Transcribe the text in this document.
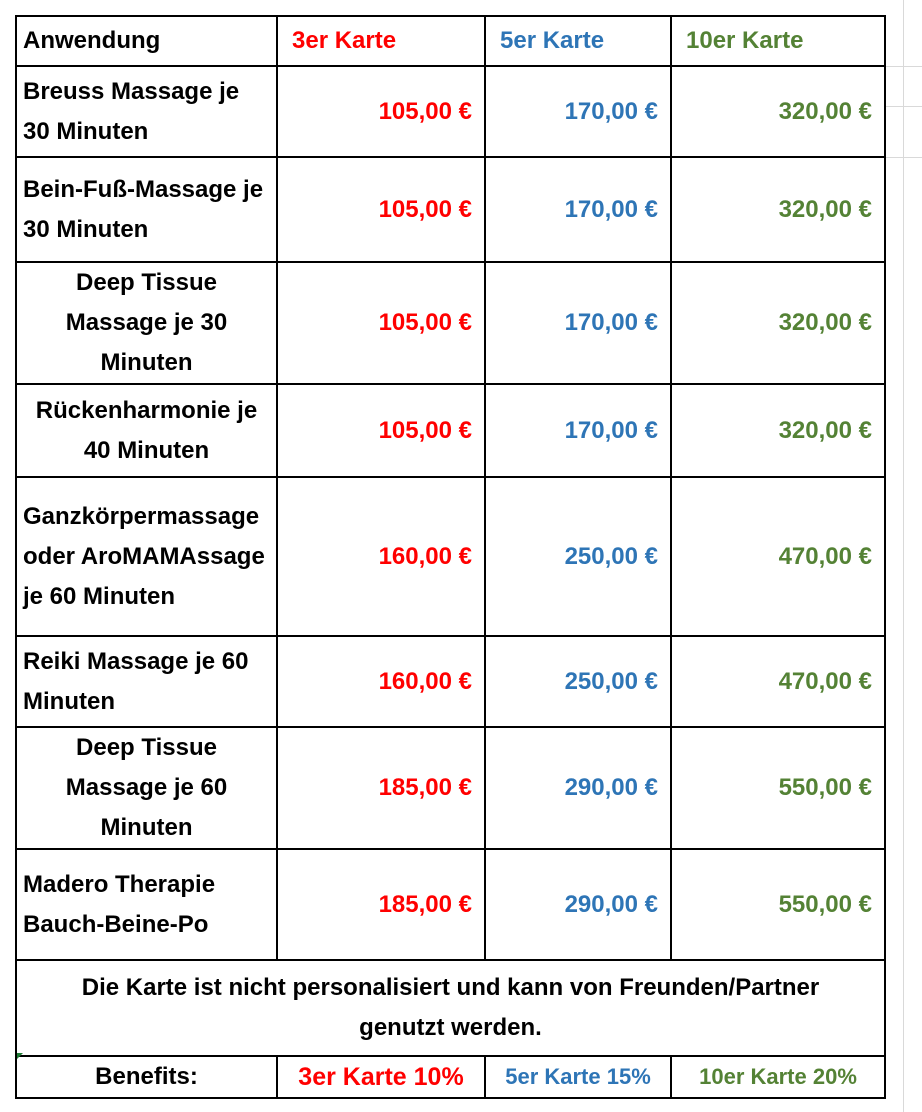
Anwendung	3er Karte	5er Karte	10er Karte
Breuss Massage je 30 Minuten	105,00 €	170,00 €	320,00 €
Bein-Fuß-Massage je 30 Minuten	105,00 €	170,00 €	320,00 €
Deep Tissue Massage je 30 Minuten	105,00 €	170,00 €	320,00 €
Rückenharmonie je 40 Minuten	105,00 €	170,00 €	320,00 €
Ganzkörpermassage oder AroMAMAssage je 60 Minuten	160,00 €	250,00 €	470,00 €
Reiki Massage je 60 Minuten	160,00 €	250,00 €	470,00 €
Deep Tissue Massage je 60 Minuten	185,00 €	290,00 €	550,00 €
Madero Therapie Bauch-Beine-Po	185,00 €	290,00 €	550,00 €
Die Karte ist nicht personalisiert und kann von Freunden/Partner genutzt werden.			
Benefits:	3er Karte 10%	5er Karte 15%	10er Karte 20%
